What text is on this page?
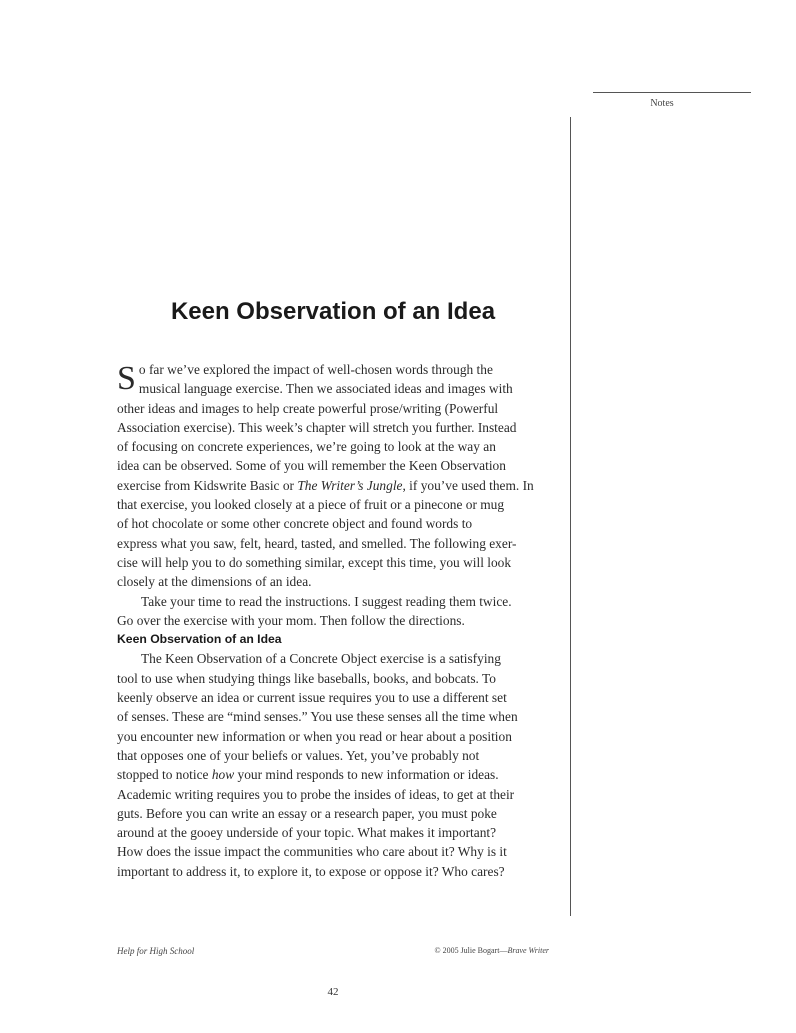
Notes
Keen Observation of an Idea
S o far we’ve explored the impact of well-chosen words through the
musical language exercise. Then we associated ideas and images with
other ideas and images to help create powerful prose/writing (Powerful
Association exercise). This week’s chapter will stretch you further. Instead
of focusing on concrete experiences, we’re going to look at the way an
idea can be observed. Some of you will remember the Keen Observation
exercise from Kidswrite Basic or The Writer’s Jungle, if you’ve used them. In
that exercise, you looked closely at a piece of fruit or a pinecone or mug
of hot chocolate or some other concrete object and found words to
express what you saw, felt, heard, tasted, and smelled. The following exer-
cise will help you to do something similar, except this time, you will look
closely at the dimensions of an idea.
Take your time to read the instructions. I suggest reading them twice.
Go over the exercise with your mom. Then follow the directions.
Keen Observation of an Idea
The Keen Observation of a Concrete Object exercise is a satisfying
tool to use when studying things like baseballs, books, and bobcats. To
keenly observe an idea or current issue requires you to use a different set
of senses. These are “mind senses.” You use these senses all the time when
you encounter new information or when you read or hear about a position
that opposes one of your beliefs or values. Yet, you’ve probably not
stopped to notice how your mind responds to new information or ideas.
Academic writing requires you to probe the insides of ideas, to get at their
guts. Before you can write an essay or a research paper, you must poke
around at the gooey underside of your topic. What makes it important?
How does the issue impact the communities who care about it? Why is it
important to address it, to explore it, to expose or oppose it? Who cares?
Help for High School	© 2005 Julie Bogart—Brave Writer
42
